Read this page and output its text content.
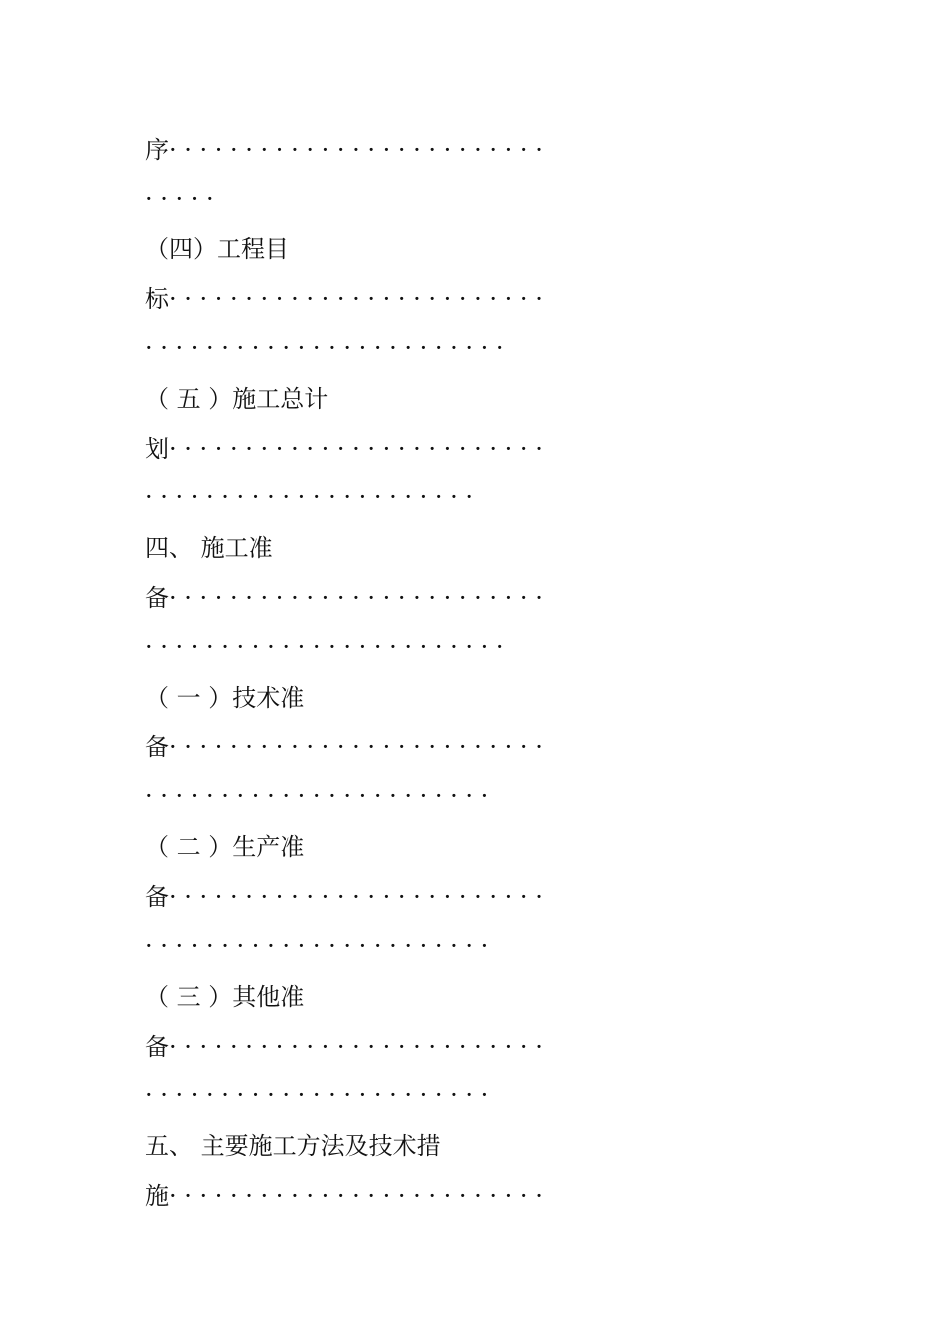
序· · · · · · · · · · · · · · · · · · · · · · · · ·
· · · · ·
（四）工程目
标· · · · · · · · · · · · · · · · · · · · · · · · ·
· · · · · · · · · · · · · · · · · · · · · · · ·
（ 五 ）施工总计
划· · · · · · · · · · · · · · · · · · · · · · · · ·
· · · · · · · · · · · · · · · · · · · · · ·
四、 施工准
备· · · · · · · · · · · · · · · · · · · · · · · · ·
· · · · · · · · · · · · · · · · · · · · · · · ·
（ 一 ）技术准
备· · · · · · · · · · · · · · · · · · · · · · · · ·
· · · · · · · · · · · · · · · · · · · · · · ·
（ 二 ）生产准
备· · · · · · · · · · · · · · · · · · · · · · · · ·
· · · · · · · · · · · · · · · · · · · · · · ·
（ 三 ）其他准
备· · · · · · · · · · · · · · · · · · · · · · · · ·
· · · · · · · · · · · · · · · · · · · · · · ·
五、 主要施工方法及技术措
施· · · · · · · · · · · · · · · · · · · · · · · · ·
